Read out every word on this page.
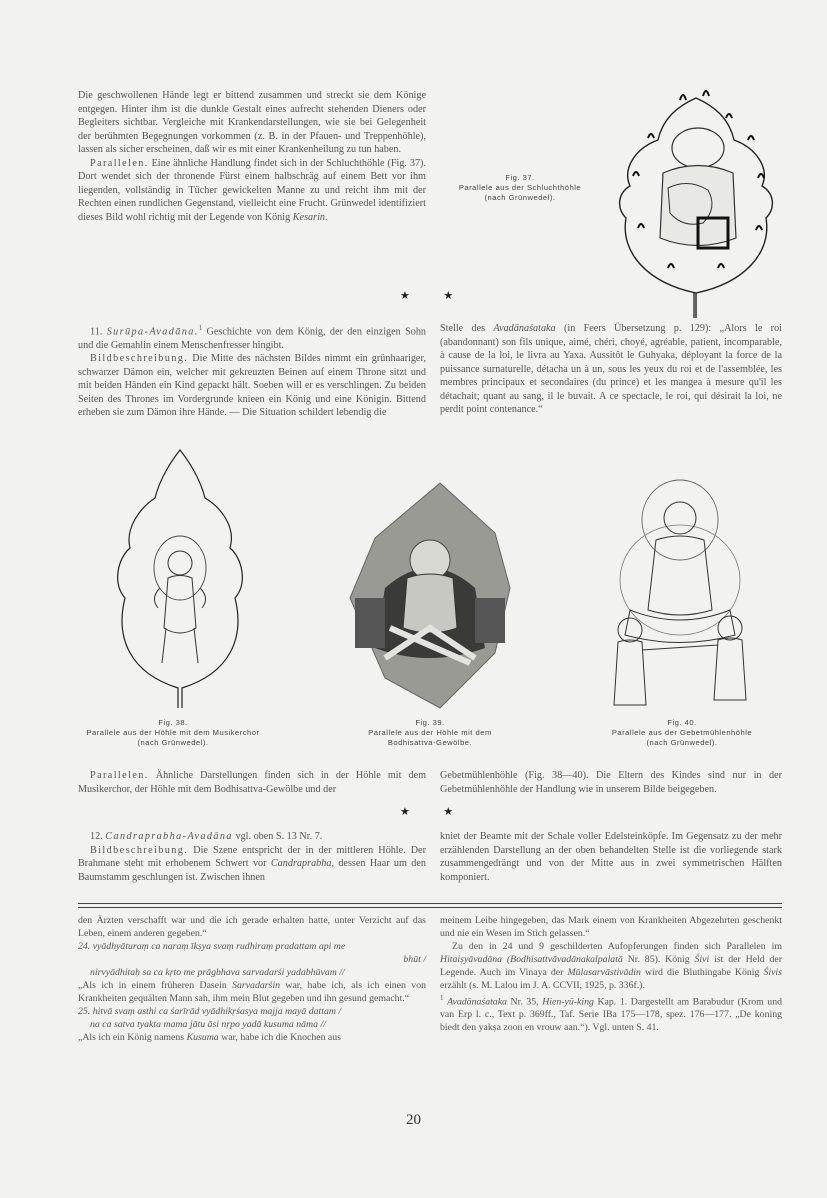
Die geschwollenen Hände legt er bittend zusammen und streckt sie dem Könige entgegen. Hinter ihm ist die dunkle Gestalt eines aufrecht stehenden Dieners oder Begleiters sichtbar. Vergleiche mit Krankendarstellungen, wie sie bei Gelegenheit der berühmten Begegnungen vorkommen (z. B. in der Pfauen- und Treppenhöhle), lassen als sicher erscheinen, daß wir es mit einer Krankenheilung zu tun haben.

Parallelen. Eine ähnliche Handlung findet sich in der Schluchthöhle (Fig. 37). Dort wendet sich der thronende Fürst einem halbschräg auf einem Bett vor ihm liegenden, vollständig in Tücher gewickelten Manne zu und reicht ihm mit der Rechten einen rundlichen Gegenstand, vielleicht eine Frucht. Grünwedel identifiziert dieses Bild wohl richtig mit der Legende von König Kesarin.

Fig. 37.
Parallele aus der Schluchthöhle
(nach Grünwedel).
★ ★

11. Surūpa-Avadāna.$^1$ Geschichte von dem König, der den einzigen Sohn und die Gemahlin einem Menschenfresser hingibt.

Bildbeschreibung. Die Mitte des nächsten Bildes nimmt ein grünhaariger, schwarzer Dämon ein, welcher mit gekreuzten Beinen auf einem Throne sitzt und mit beiden Händen ein Kind gepackt hält. Soeben will er es verschlingen. Zu beiden Seiten des Thrones im Vordergrunde knieen ein König und eine Königin. Bittend erheben sie zum Dämon ihre Hände. — Die Situation schildert lebendig die

Stelle des Avadānaśataka (in Feers Übersetzung p. 129): „Alors le roi (abandonnant) son fils unique, aimé, chéri, choyé, agréable, patient, incomparable, à cause de la loi, le livra au Yaxa. Aussitôt le Guhyaka, déployant la force de la puissance surnaturelle, détacha un à un, sous les yeux du roi et de l'assemblée, les membres principaux et secondaires (du prince) et les mangea à mesure qu'il les détachait; quant au sang, il le buvait. A ce spectacle, le roi, qui désirait la loi, ne perdit point contenance.“

Fig. 38.
Parallele aus der Höhle mit dem Musikerchor
(nach Grünwedel).
Fig. 39.
Parallele aus der Höhle mit dem
Bodhisattva-Gewölbe.
Fig. 40.
Parallele aus der Gebetmühlenhöhle
(nach Grünwedel).

Parallelen. Ähnliche Darstellungen finden sich in der Höhle mit dem Musikerchor, der Höhle mit dem Bodhisattva-Gewölbe und der

Gebetmühlenhöhle (Fig. 38—40). Die Eltern des Kindes sind nur in der Gebetmühlenhöhle der Handlung wie in unserem Bilde beigegeben.

★ ★

12. Candraprabha-Avadāna vgl. oben S. 13 Nr. 7.

Bildbeschreibung. Die Szene entspricht der in der mittleren Höhle. Der Brahmane steht mit erhobenem Schwert vor Candraprabha, dessen Haar um den Baumstamm geschlungen ist. Zwischen ihnen

kniet der Beamte mit der Schale voller Edelsteinköpfe. Im Gegensatz zu der mehr erzählenden Darstellung an der oben behandelten Stelle ist die vorliegende stark zusammengedrängt und von der Mitte aus in zwei symmetrischen Hälften komponiert.

den Ärzten verschafft war und die ich gerade erhalten hatte, unter Verzicht auf das Leben, einem anderen gegeben.“

24. vyādhyāturaṃ ca naraṃ īkṣya svaṃ rudhiraṃ pradattam api me

bhūt /

nirvyādhitaḥ sa ca kṛto me prāgbhava sarvadarśi yadabhūvam //

„Als ich in einem früheren Dasein Sarvadarśin war, habe ich, als ich einen von Krankheiten gequälten Mann sah, ihm mein Blut gegeben und ihn gesund gemacht.“

25. hitvā svaṃ asthi ca śarīrād vyādhikṛśasya majja mayā dattam /

na ca satva tyakta mama jātu āsi nṛpo yadā kusuma nāma //

„Als ich ein König namens Kusuma war, habe ich die Knochen aus

meinem Leibe hingegeben, das Mark einem von Krankheiten Abgezehrten geschenkt und nie ein Wesen im Stich gelassen.“

Zu den in 24 und 9 geschilderten Aufopferungen finden sich Parallelen im Hitaiṣyāvadāna (Bodhisattvāvadānakalpalatā Nr. 85). König Śivi ist der Held der Legende. Auch im Vinaya der Mūlasarvāstivādin wird die Bluthingabe König Śivis erzählt (s. M. Lalou im J. A. CCVII, 1925, p. 336f.).

$^1$ Avadānaśataka Nr. 35, Hien-yü-king Kap. 1. Dargestellt am Barabudur (Krom und van Erp l. c., Text p. 369ff., Taf. Serie IBa 175—178, spez. 176—177. „De koning biedt den yakṣa zoon en vrouw aan.“). Vgl. unten S. 41.

20
